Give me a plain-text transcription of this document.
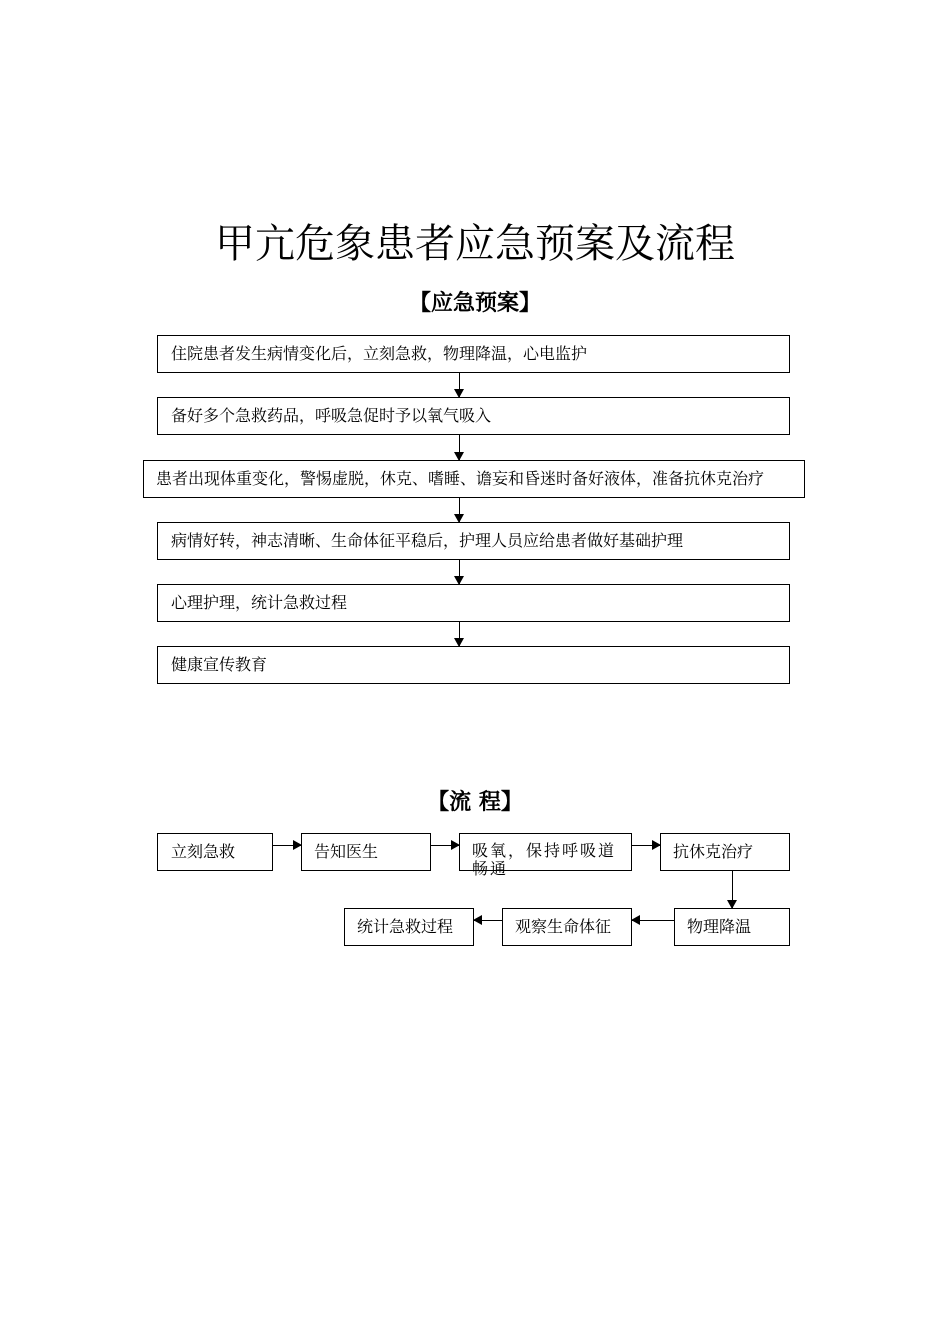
甲亢危象患者应急预案及流程
【应急预案】
住院患者发生病情变化后，立刻急救，物理降温，心电监护
备好多个急救药品，呼吸急促时予以氧气吸入
患者出现体重变化，警惕虚脱，休克、嗜睡、谵妄和昏迷时备好液体，准备抗休克治疗
病情好转，神志清晰、生命体征平稳后，护理人员应给患者做好基础护理
心理护理，统计急救过程
健康宣传教育
【流 程】
立刻急救	告知医生	吸氧，保持呼吸道畅通
抗休克治疗
物理降温
观察生命体征
统计急救过程
